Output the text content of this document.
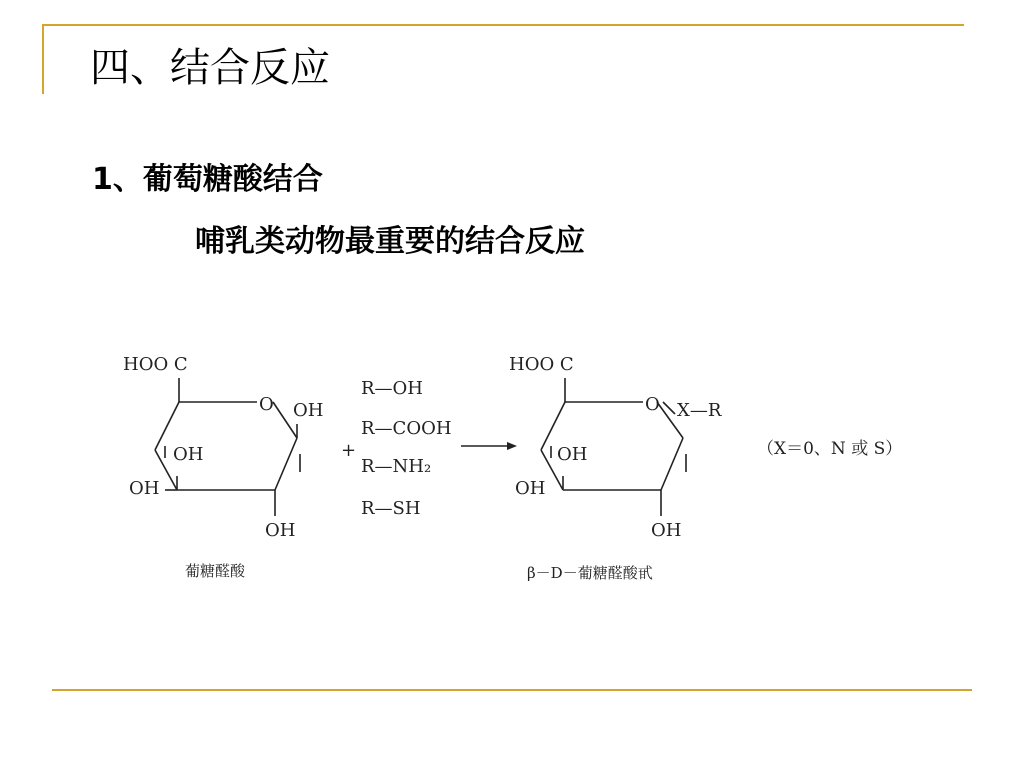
四、结合反应
1、葡萄糖酸结合
哺乳类动物最重要的结合反应
HOO C
O OH
OH
OH
OH
葡糖醛酸
+
R—OH
R—COOH
R—NH₂
R—SH
HOO C
O X—R
OH
OH
OH
β－D－葡糖醛酸甙
（X＝0、N 或 S）
